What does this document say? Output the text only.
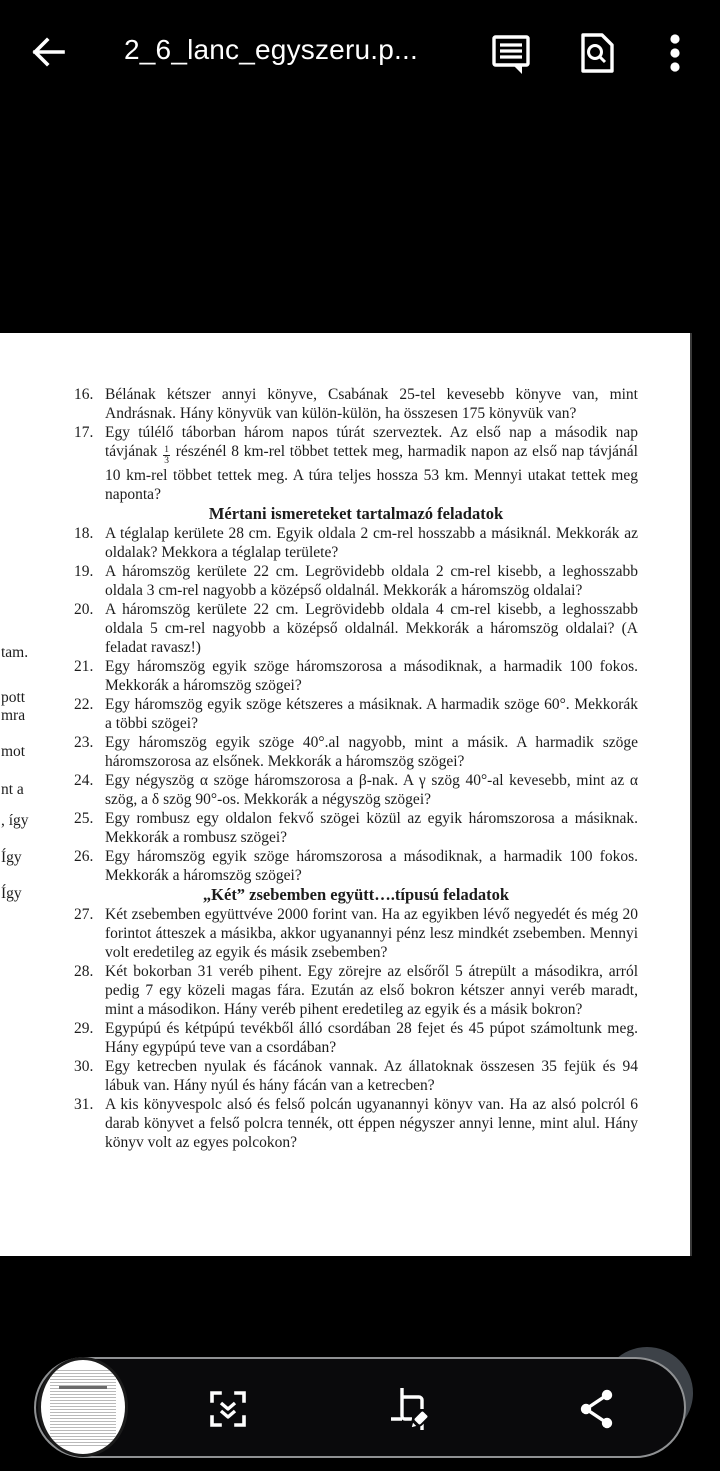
2_6_lanc_egyszeru.p...

16. Bélának kétszer annyi könyve, Csabának 25-tel kevesebb könyve van, mint Andrásnak. Hány könyvük van külön-külön, ha összesen 175 könyvük van?

17. Egy túlélő táborban három napos túrát szerveztek. Az első nap a második nap távjának $\frac{1}{3}$ részénél 8 km-rel többet tettek meg, harmadik napon az első nap távjánál 10 km-rel többet tettek meg. A túra teljes hossza 53 km. Mennyi utakat tettek meg naponta?

Mértani ismereteket tartalmazó feladatok

18. A téglalap kerülete 28 cm. Egyik oldala 2 cm-rel hosszabb a másiknál. Mekkorák az oldalak? Mekkora a téglalap területe?

19. A háromszög kerülete 22 cm. Legrövidebb oldala 2 cm-rel kisebb, a leghosszabb oldala 3 cm-rel nagyobb a középső oldalnál. Mekkorák a háromszög oldalai?

20. A háromszög kerülete 22 cm. Legrövidebb oldala 4 cm-rel kisebb, a leghosszabb oldala 5 cm-rel nagyobb a középső oldalnál. Mekkorák a háromszög oldalai? (A feladat ravasz!)

21. Egy háromszög egyik szöge háromszorosa a másodiknak, a harmadik 100 fokos. Mekkorák a háromszög szögei?

22. Egy háromszög egyik szöge kétszeres a másiknak. A harmadik szöge 60°. Mekkorák a többi szögei?

23. Egy háromszög egyik szöge 40°.al nagyobb, mint a másik. A harmadik szöge háromszorosa az elsőnek. Mekkorák a háromszög szögei?

24. Egy négyszög α szöge háromszorosa a β-nak. A γ szög 40°-al kevesebb, mint az α szög, a δ szög 90°-os. Mekkorák a négyszög szögei?

25. Egy rombusz egy oldalon fekvő szögei közül az egyik háromszorosa a másiknak. Mekkorák a rombusz szögei?

26. Egy háromszög egyik szöge háromszorosa a másodiknak, a harmadik 100 fokos. Mekkorák a háromszög szögei?

„Két” zsebemben együtt….típusú feladatok

27. Két zsebemben együttvéve 2000 forint van. Ha az egyikben lévő negyedét és még 20 forintot átteszek a másikba, akkor ugyanannyi pénz lesz mindkét zsebemben. Mennyi volt eredetileg az egyik és másik zsebemben?

28. Két bokorban 31 veréb pihent. Egy zörejre az elsőről 5 átrepült a másodikra, arról pedig 7 egy közeli magas fára. Ezután az első bokron kétszer annyi veréb maradt, mint a másodikon. Hány veréb pihent eredetileg az egyik és a másik bokron?

29. Egypúpú és kétpúpú tevékből álló csordában 28 fejet és 45 púpot számoltunk meg. Hány egypúpú teve van a csordában?

30. Egy ketrecben nyulak és fácánok vannak. Az állatoknak összesen 35 fejük és 94 lábuk van. Hány nyúl és hány fácán van a ketrecben?

31. A kis könyvespolc alsó és felső polcán ugyanannyi könyv van. Ha az alsó polcról 6 darab könyvet a felső polcra tennék, ott éppen négyszer annyi lenne, mint alul. Hány könyv volt az egyes polcokon?

tam.
pott
mra
mot
nt a
, így
Így
Így
